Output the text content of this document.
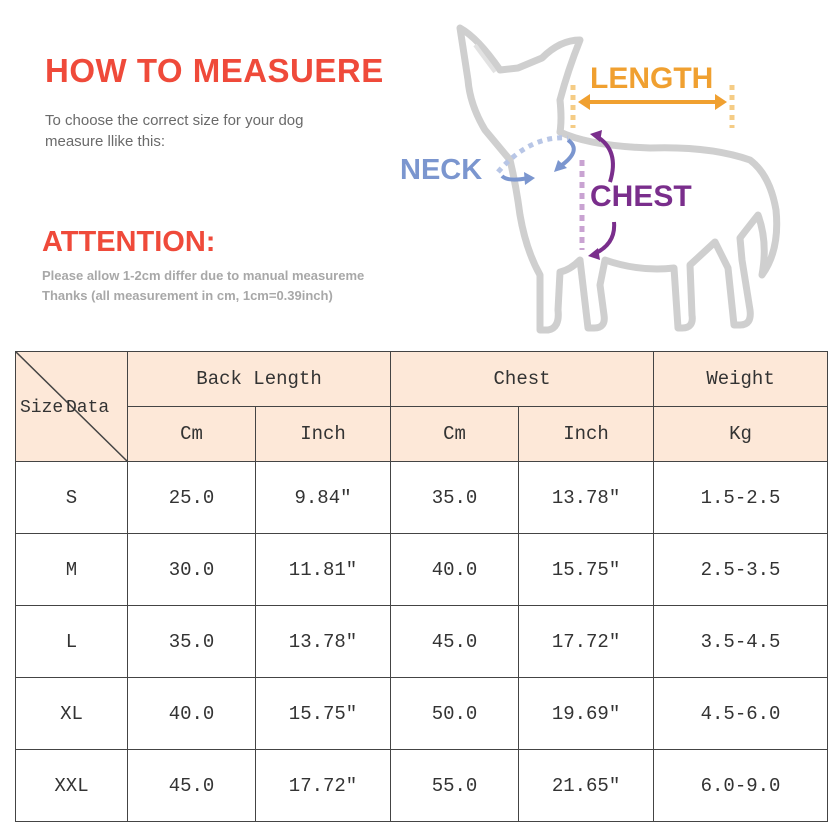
HOW TO MEASUERE
To choose the correct size for your dog measure llike this:
ATTENTION:
Please allow 1-2cm differ due to manual measureme
Thanks (all measurement in cm, 1cm=0.39inch)
LENGTH
NECK
CHEST
Size Data	Back Length		Chest		Weight
	Cm	Inch	Cm	Inch	Kg
S	25.0	9.84″	35.0	13.78″	1.5-2.5
M	30.0	11.81″	40.0	15.75″	2.5-3.5
L	35.0	13.78″	45.0	17.72″	3.5-4.5
XL	40.0	15.75″	50.0	19.69″	4.5-6.0
XXL	45.0	17.72″	55.0	21.65″	6.0-9.0
